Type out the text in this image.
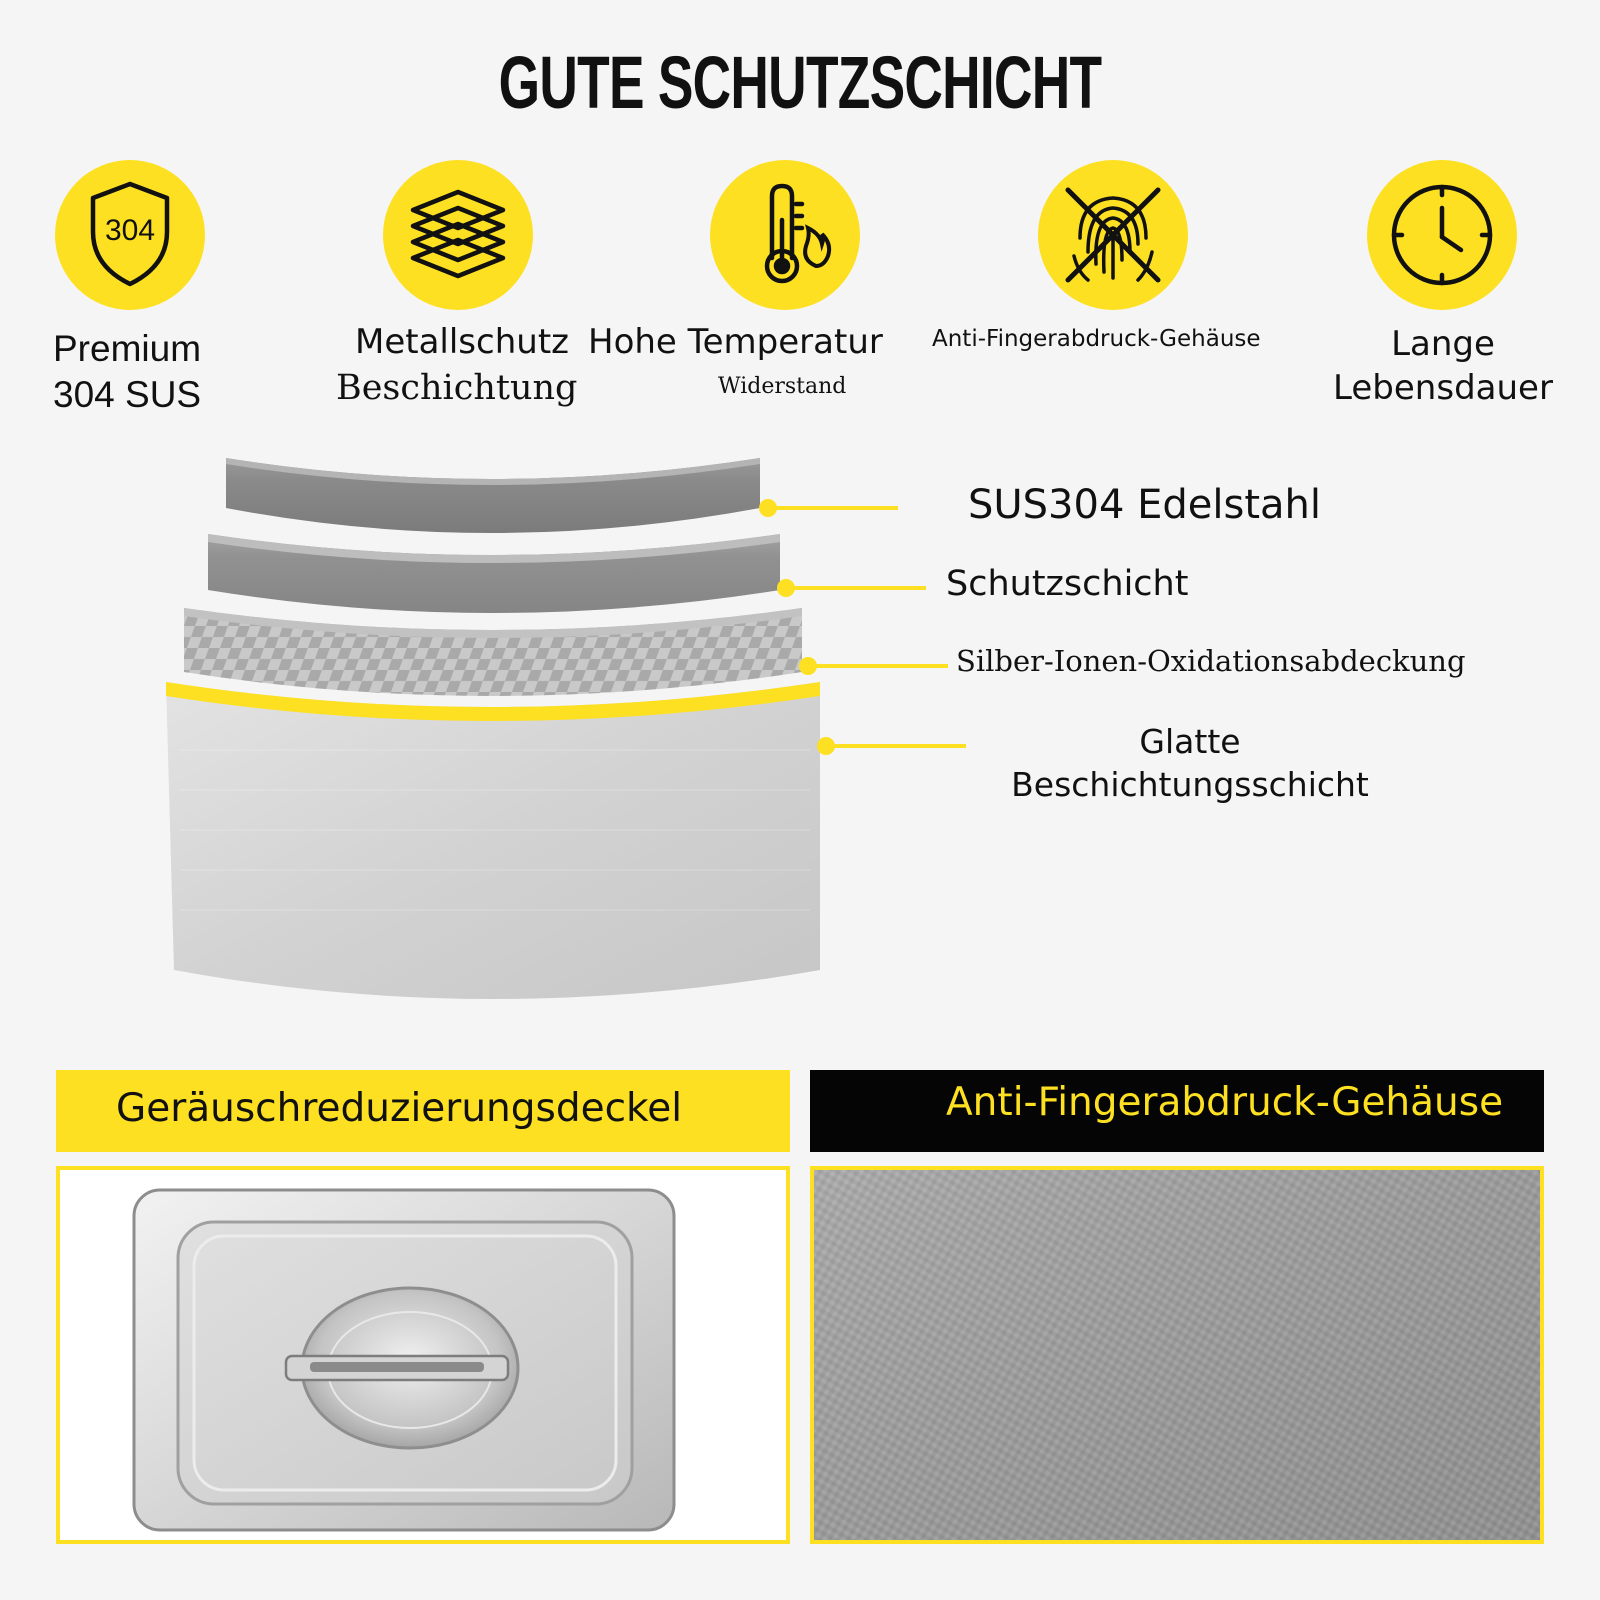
GUTE SCHUTZSCHICHT
304
Premium
304 SUS
Metallschutz
Beschichtung
Hohe Temperatur
Widerstand
Anti-Fingerabdruck-Gehäuse	Lange
Lebensdauer
SUS304 Edelstahl
Schutzschicht
Silber-Ionen-Oxidationsabdeckung
Glatte
Beschichtungsschicht
Geräuschreduzierungsdeckel	Anti-Fingerabdruck-Gehäuse
